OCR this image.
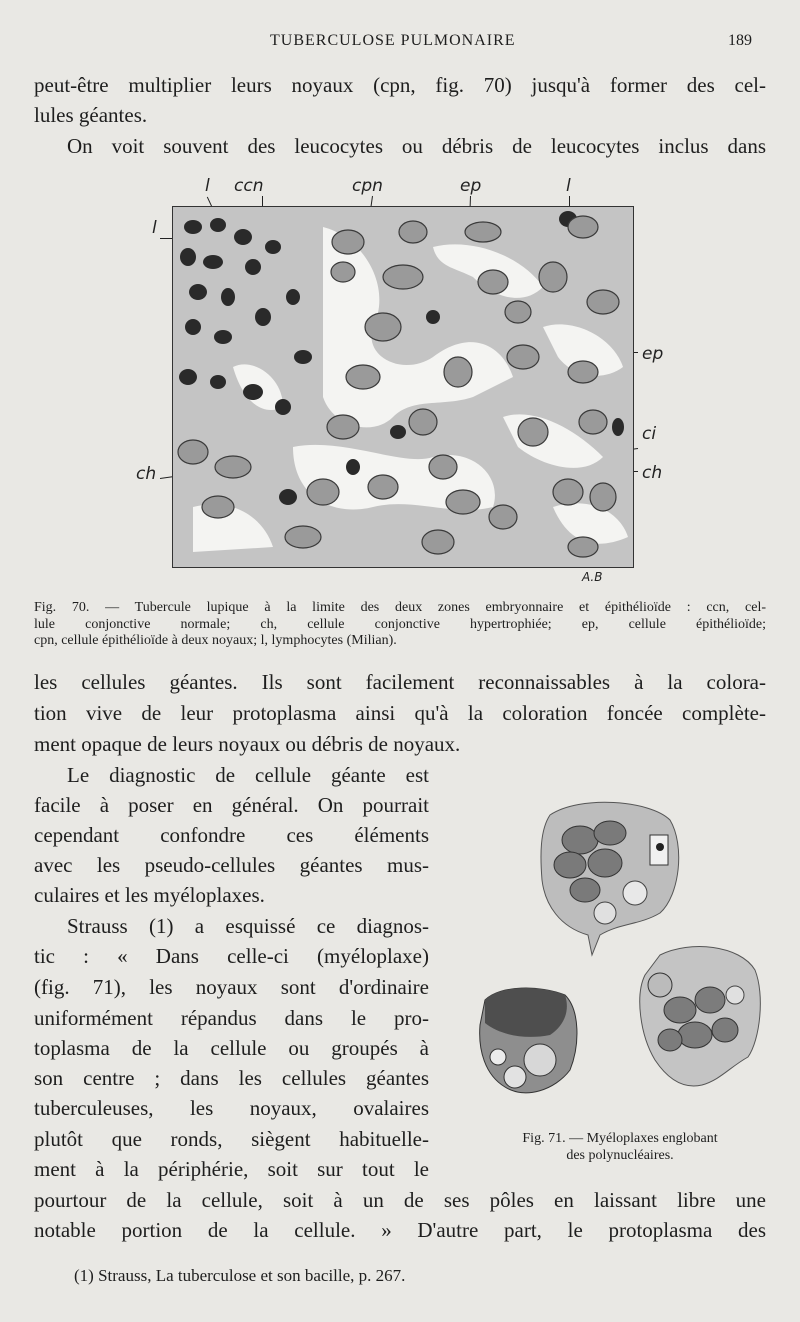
TUBERCULOSE PULMONAIRE	189
peut-être multiplier leurs noyaux (cpn, fig. 70) jusqu'à former des cel-
lules géantes.
On voit souvent des leucocytes ou débris de leucocytes inclus dans
l ccn	cpn	ep	l
l
ch
ep
ci
ch
A.B
Fig. 70. — Tubercule lupique à la limite des deux zones embryonnaire et épithélioïde : ccn, cel-
lule conjonctive normale; ch, cellule conjonctive hypertrophiée; ep, cellule épithélioïde;
cpn, cellule épithélioïde à deux noyaux; l, lymphocytes (Milian).
les cellules géantes. Ils sont facilement reconnaissables à la colora-
tion vive de leur protoplasma ainsi qu'à la coloration foncée complète-
ment opaque de leurs noyaux ou débris de noyaux.
Le diagnostic de cellule géante est
facile à poser en général. On pourrait
cependant confondre ces éléments
avec les pseudo-cellules géantes mus-
culaires et les myéloplaxes.
Strauss (1) a esquissé ce diagnos-
tic : « Dans celle-ci (myéloplaxe)
(fig. 71), les noyaux sont d'ordinaire
uniformément répandus dans le pro-
toplasma de la cellule ou groupés à
son centre ; dans les cellules géantes
tuberculeuses, les noyaux, ovalaires
plutôt que ronds, siègent habituelle-
ment à la périphérie, soit sur tout le
Fig. 71. — Myéloplaxes englobant
des polynucléaires.
pourtour de la cellule, soit à un de ses pôles en laissant libre une
notable portion de la cellule. » D'autre part, le protoplasma des
(1) Strauss, La tuberculose et son bacille, p. 267.
